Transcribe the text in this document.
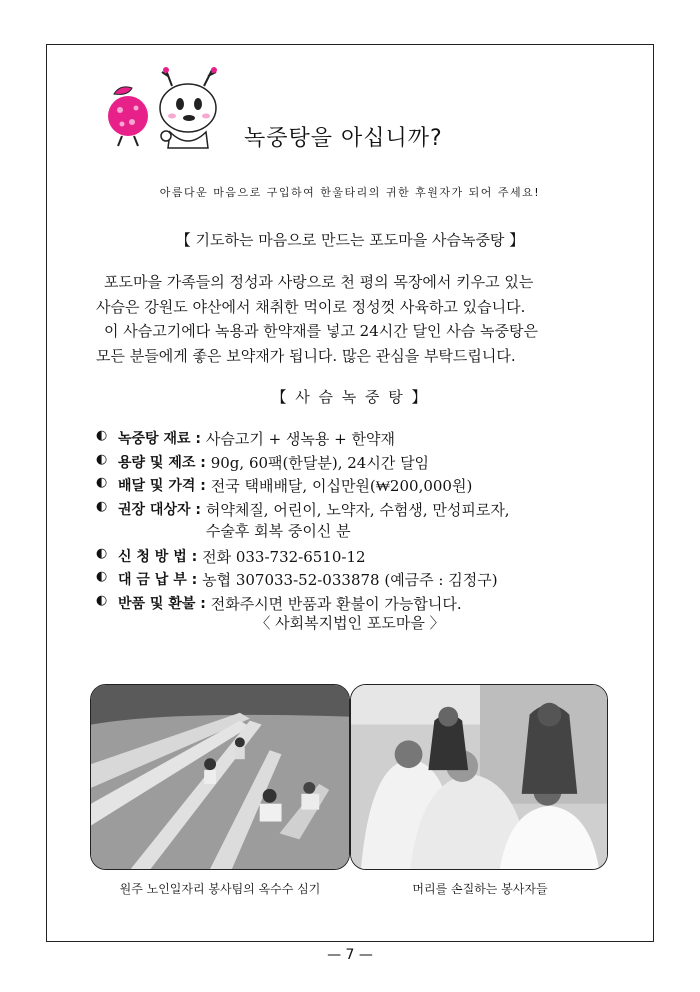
녹중탕을 아십니까?
아름다운 마음으로 구입하여 한울타리의 귀한 후원자가 되어 주세요!
【 기도하는 마음으로 만드는 포도마을 사슴녹중탕 】

포도마을 가족들의 정성과 사랑으로 천 평의 목장에서 키우고 있는

사슴은 강원도 야산에서 채취한 먹이로 정성껏 사육하고 있습니다.

이 사슴고기에다 녹용과 한약재를 넣고 24시간 달인 사슴 녹중탕은

모든 분들에게 좋은 보약재가 됩니다. 많은 관심을 부탁드립니다.

【 사 슴 녹 중 탕 】
◐ 녹중탕 재료 : 사슴고기 + 생녹용 + 한약재
◐ 용량 및 제조 : 90g, 60팩(한달분), 24시간 달임
◐ 배달 및 가격 : 전국 택배배달, 이십만원(₩200,000원)
◐ 권장 대상자 : 허약체질, 어린이, 노약자, 수험생, 만성피로자,
수술후 회복 중이신 분
◐ 신 청 방 법 : 전화 033-732-6510-12
◐ 대 금 납 부 : 농협 307033-52-033878 (예금주 : 김정구)
◐ 반품 및 환불 : 전화주시면 반품과 환불이 가능합니다.
〈 사회복지법인 포도마을 〉
원주 노인일자리 봉사팀의 옥수수 심기	머리를 손질하는 봉사자들
— 7 —
